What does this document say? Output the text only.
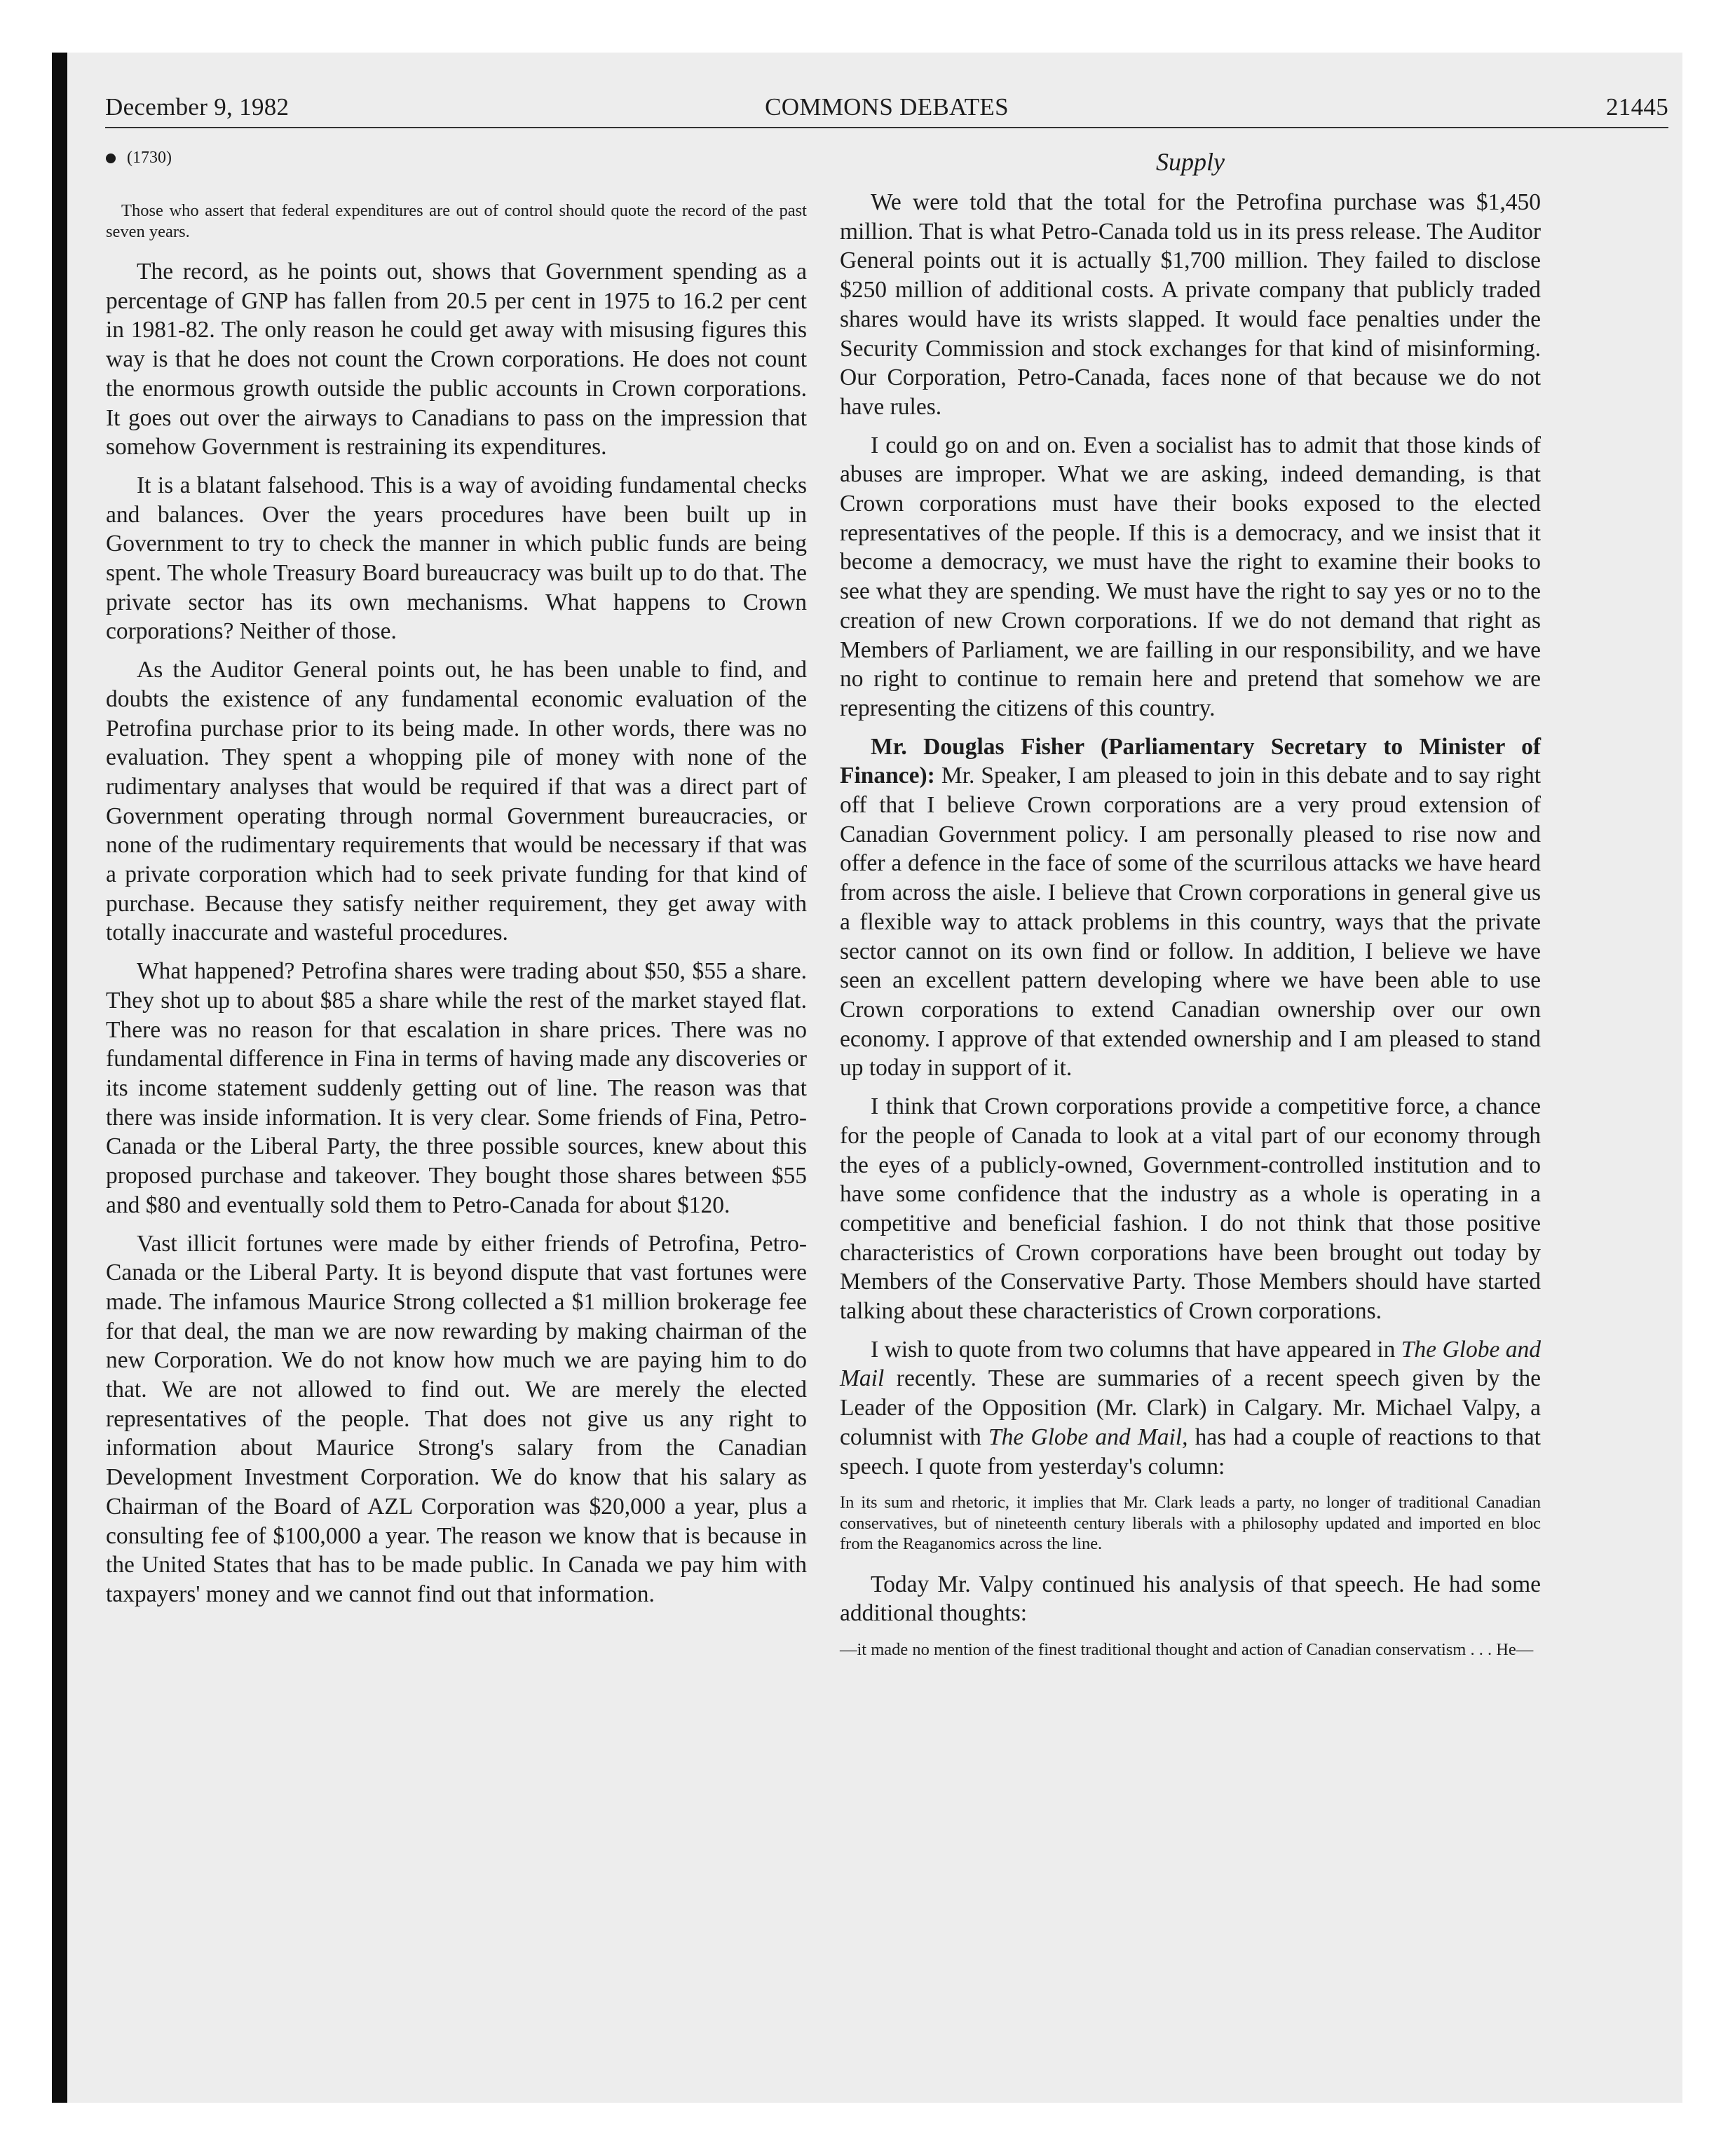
December 9, 1982	COMMONS DEBATES	21445
(1730)

Those who assert that federal expenditures are out of control should quote the record of the past seven years.

The record, as he points out, shows that Government spending as a percentage of GNP has fallen from 20.5 per cent in 1975 to 16.2 per cent in 1981-82. The only reason he could get away with misusing figures this way is that he does not count the Crown corporations. He does not count the enormous growth outside the public accounts in Crown corporations. It goes out over the airways to Canadians to pass on the impression that somehow Government is restraining its expenditures.

It is a blatant falsehood. This is a way of avoiding fundamental checks and balances. Over the years procedures have been built up in Government to try to check the manner in which public funds are being spent. The whole Treasury Board bureaucracy was built up to do that. The private sector has its own mechanisms. What happens to Crown corporations? Neither of those.

As the Auditor General points out, he has been unable to find, and doubts the existence of any fundamental economic evaluation of the Petrofina purchase prior to its being made. In other words, there was no evaluation. They spent a whopping pile of money with none of the rudimentary analyses that would be required if that was a direct part of Government operating through normal Government bureaucracies, or none of the rudimentary requirements that would be necessary if that was a private corporation which had to seek private funding for that kind of purchase. Because they satisfy neither requirement, they get away with totally inaccurate and wasteful procedures.

What happened? Petrofina shares were trading about $50, $55 a share. They shot up to about $85 a share while the rest of the market stayed flat. There was no reason for that escalation in share prices. There was no fundamental difference in Fina in terms of having made any discoveries or its income statement suddenly getting out of line. The reason was that there was inside information. It is very clear. Some friends of Fina, Petro-Canada or the Liberal Party, the three possible sources, knew about this proposed purchase and takeover. They bought those shares between $55 and $80 and eventually sold them to Petro-Canada for about $120.

Vast illicit fortunes were made by either friends of Petrofina, Petro-Canada or the Liberal Party. It is beyond dispute that vast fortunes were made. The infamous Maurice Strong collected a $1 million brokerage fee for that deal, the man we are now rewarding by making chairman of the new Corporation. We do not know how much we are paying him to do that. We are not allowed to find out. We are merely the elected representatives of the people. That does not give us any right to information about Maurice Strong's salary from the Canadian Development Investment Corporation. We do know that his salary as Chairman of the Board of AZL Corporation was $20,000 a year, plus a consulting fee of $100,000 a year. The reason we know that is because in the United States that has to be made public. In Canada we pay him with taxpayers' money and we cannot find out that information.

Supply

We were told that the total for the Petrofina purchase was $1,450 million. That is what Petro-Canada told us in its press release. The Auditor General points out it is actually $1,700 million. They failed to disclose $250 million of additional costs. A private company that publicly traded shares would have its wrists slapped. It would face penalties under the Security Commission and stock exchanges for that kind of misinforming. Our Corporation, Petro-Canada, faces none of that because we do not have rules.

I could go on and on. Even a socialist has to admit that those kinds of abuses are improper. What we are asking, indeed demanding, is that Crown corporations must have their books exposed to the elected representatives of the people. If this is a democracy, and we insist that it become a democracy, we must have the right to examine their books to see what they are spending. We must have the right to say yes or no to the creation of new Crown corporations. If we do not demand that right as Members of Parliament, we are failling in our responsibility, and we have no right to continue to remain here and pretend that somehow we are representing the citizens of this country.

Mr. Douglas Fisher (Parliamentary Secretary to Minister of Finance): Mr. Speaker, I am pleased to join in this debate and to say right off that I believe Crown corporations are a very proud extension of Canadian Government policy. I am personally pleased to rise now and offer a defence in the face of some of the scurrilous attacks we have heard from across the aisle. I believe that Crown corporations in general give us a flexible way to attack problems in this country, ways that the private sector cannot on its own find or follow. In addition, I believe we have seen an excellent pattern developing where we have been able to use Crown corporations to extend Canadian ownership over our own economy. I approve of that extended ownership and I am pleased to stand up today in support of it.

I think that Crown corporations provide a competitive force, a chance for the people of Canada to look at a vital part of our economy through the eyes of a publicly-owned, Government-controlled institution and to have some confidence that the industry as a whole is operating in a competitive and beneficial fashion. I do not think that those positive characteristics of Crown corporations have been brought out today by Members of the Conservative Party. Those Members should have started talking about these characteristics of Crown corporations.

I wish to quote from two columns that have appeared in The Globe and Mail recently. These are summaries of a recent speech given by the Leader of the Opposition (Mr. Clark) in Calgary. Mr. Michael Valpy, a columnist with The Globe and Mail, has had a couple of reactions to that speech. I quote from yesterday's column:

In its sum and rhetoric, it implies that Mr. Clark leads a party, no longer of traditional Canadian conservatives, but of nineteenth century liberals with a philosophy updated and imported en bloc from the Reaganomics across the line.

Today Mr. Valpy continued his analysis of that speech. He had some additional thoughts:

—it made no mention of the finest traditional thought and action of Canadian conservatism . . . He—
